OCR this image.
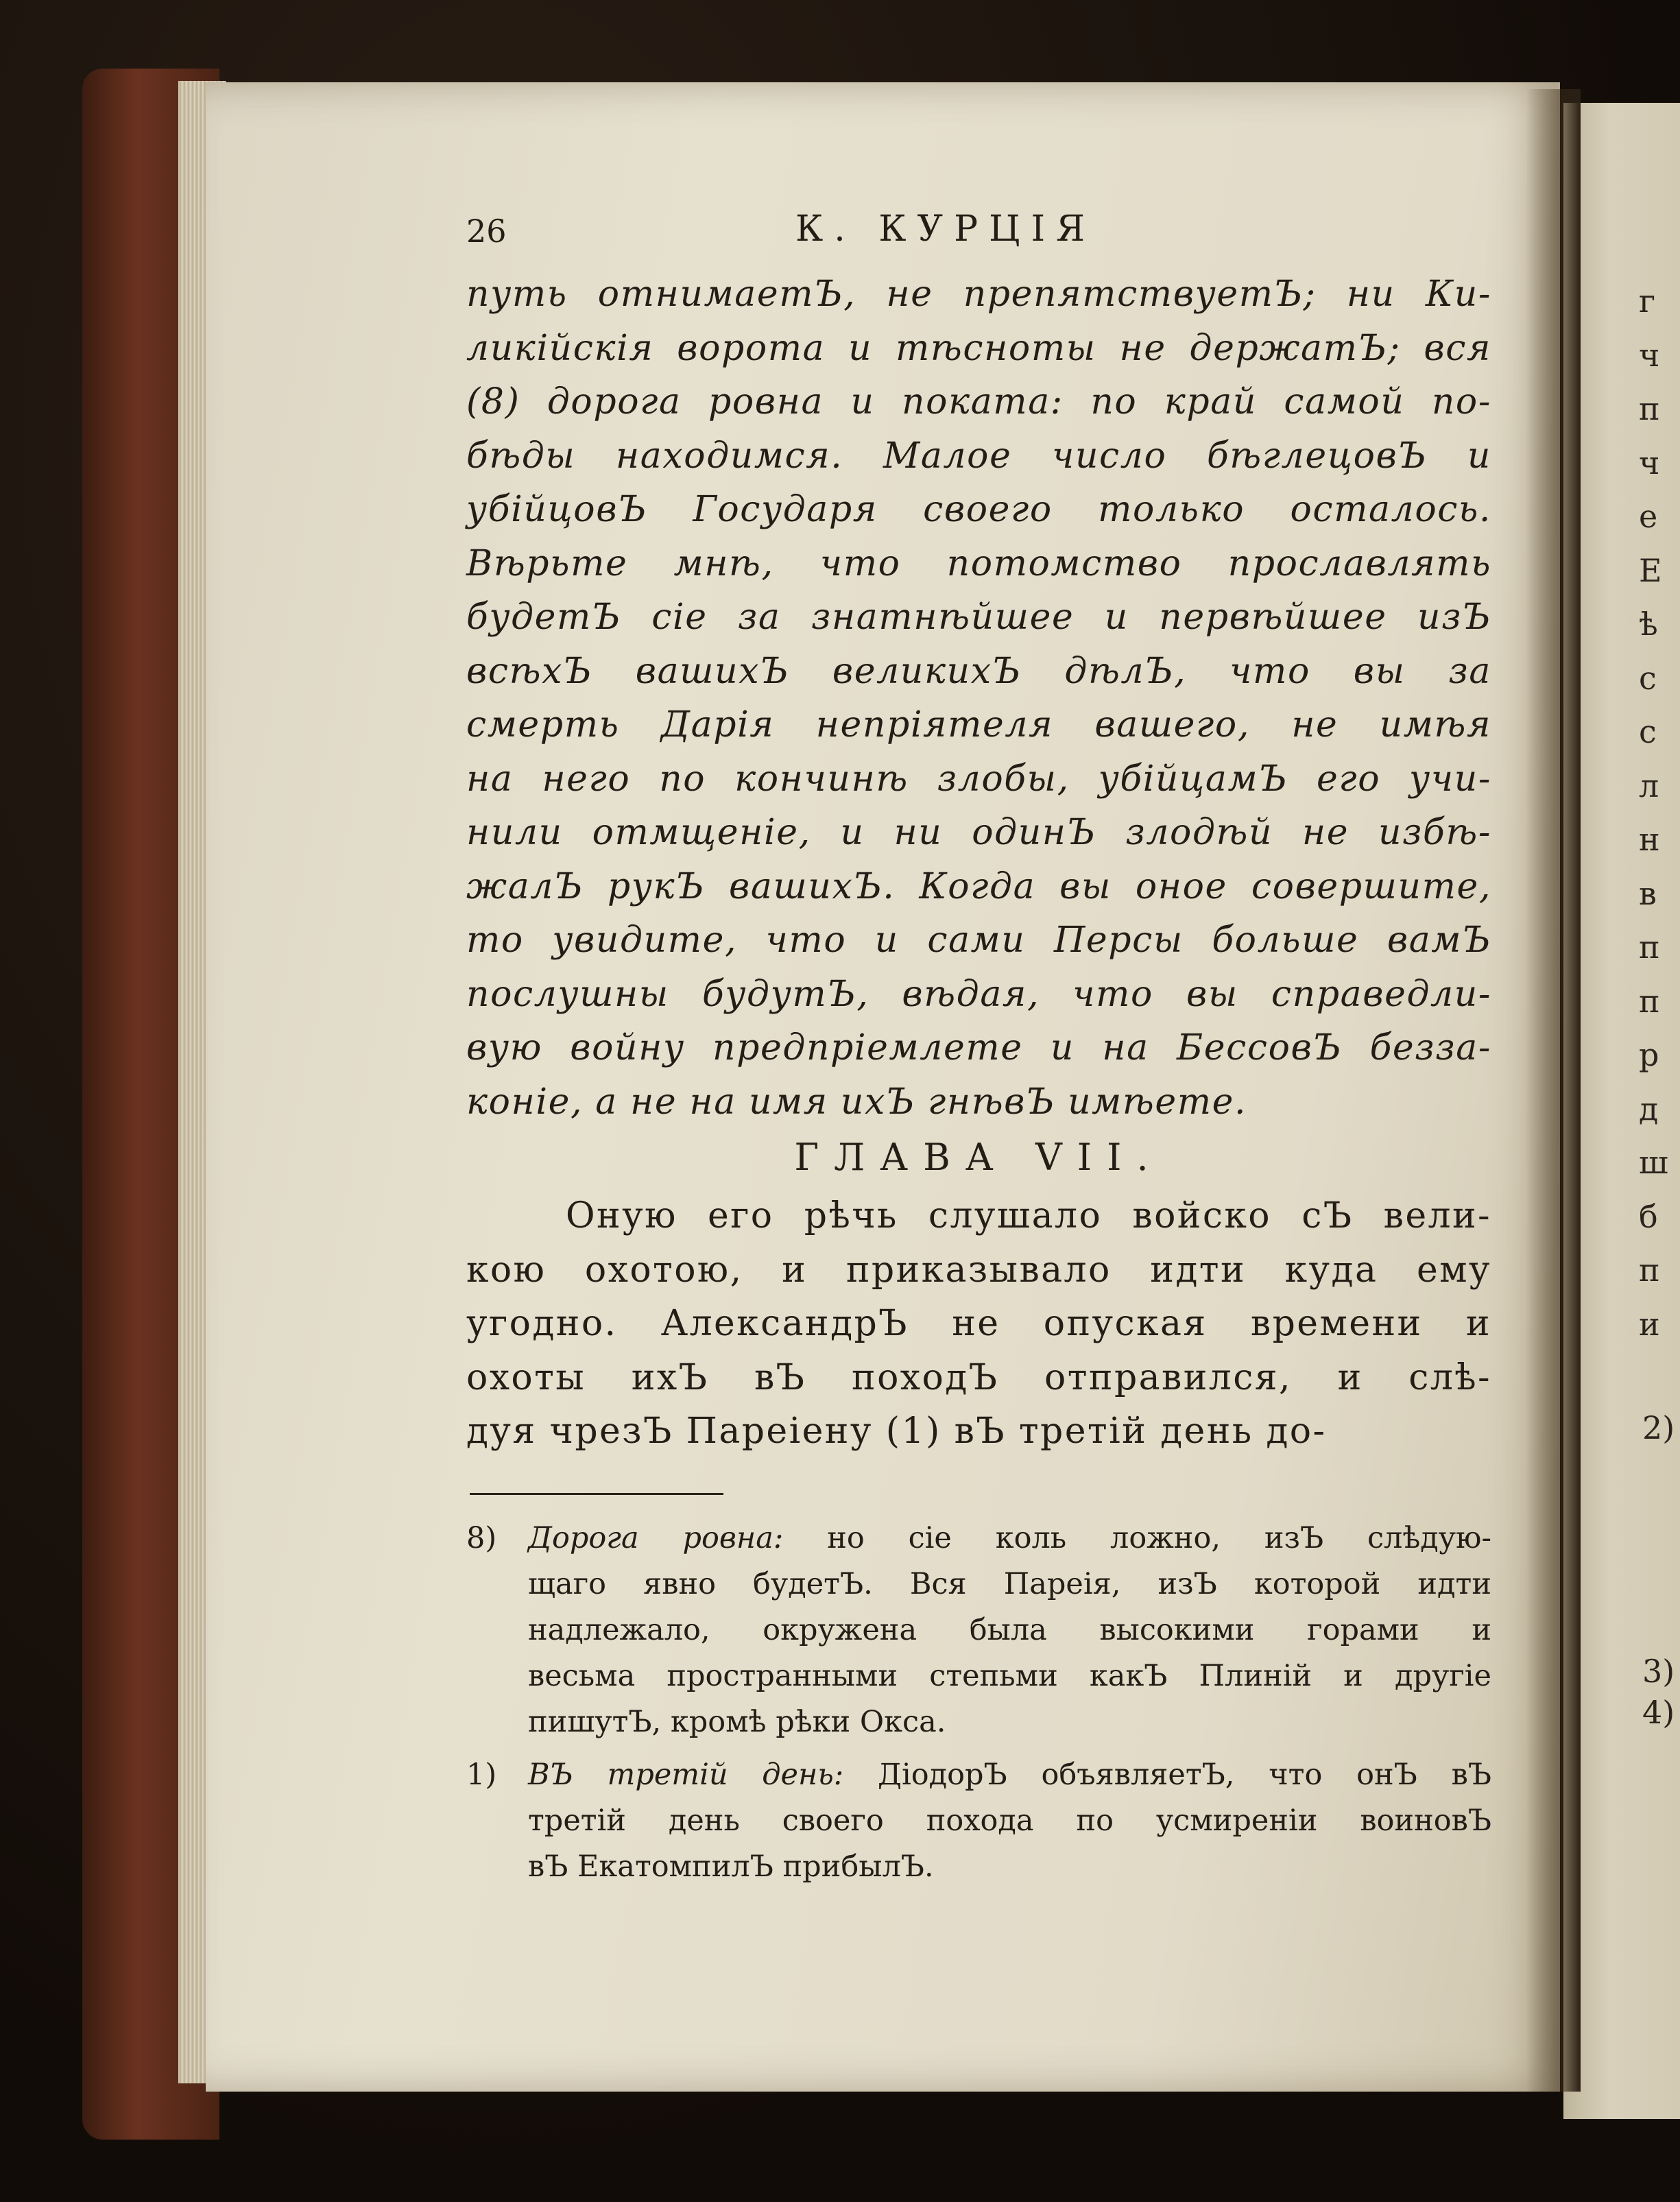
г
ч
п
ч
е
Е
ѣ
с
с
л
н
в
п
п
р
д
ш
б
п
и
2)
3)
4)
26	К. КУРЦІЯ
путь отнимаетЪ, не препятствуетЪ; ни Ки-
ликійскія ворота и тѣсноты не держатЪ; вся
(8) дорога ровна и поката: по край самой по-
бѣды находимся. Малое число бѣглецовЪ и
убійцовЪ Государя своего только осталось.
Вѣрьте мнѣ, что потомство прославлять
будетЪ сіе за знатнѣйшее и первѣйшее изЪ
всѣхЪ вашихЪ великихЪ дѣлЪ, что вы за
смерть Дарія непріятеля вашего, не имѣя
на него по кончинѣ злобы, убійцамЪ его учи-
нили отмщеніе, и ни одинЪ злодѣй не избѣ-
жалЪ рукЪ вашихЪ. Когда вы оное совершите,
то увидите, что и сами Персы больше вамЪ
послушны будутЪ, вѣдая, что вы справедли-
вую войну предпріемлете и на БессовЪ безза-
коніе, а не на имя ихЪ гнѣвЪ имѣете.
ГЛАВА VII.
Оную его рѣчь слушало войско сЪ вели-
кою охотою, и приказывало идти куда ему
угодно. АлександрЪ не опуская времени и
охоты ихЪ вЪ походЪ отправился, и слѣ-
дуя чрезЪ Пареіену (1) вЪ третій день до-
8) Дорога ровна: но сіе коль ложно, изЪ слѣдую-
щаго явно будетЪ. Вся Пареія, изЪ которой идти
надлежало, окружена была высокими горами и
весьма пространными степьми какЪ Плиній и другіе
пишутЪ, кромѣ рѣки Окса.
1) ВЪ третій день: ДіодорЪ объявляетЪ, что онЪ вЪ
третій день своего похода по усмиреніи воиновЪ
вЪ ЕкатомпилЪ прибылЪ.
